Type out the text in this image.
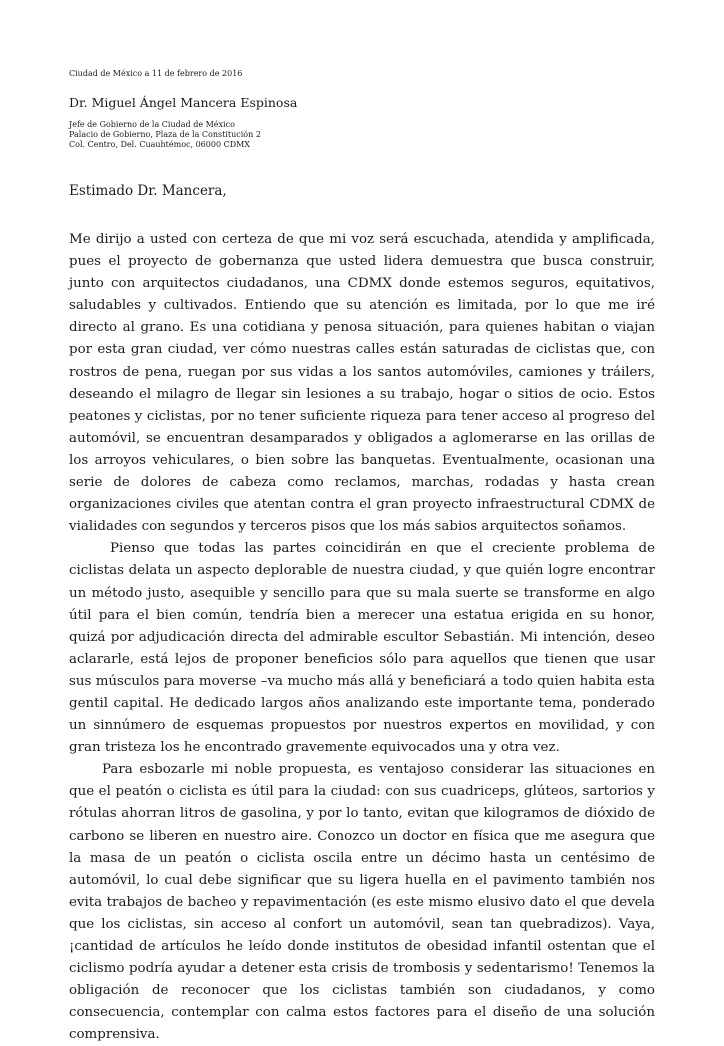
Ciudad de México a 11 de febrero de 2016
Dr. Miguel Ángel Mancera Espinosa
Jefe de Gobierno de la Ciudad de México
Palacio de Gobierno, Plaza de la Constitución 2
Col. Centro, Del. Cuauhtémoc, 06000 CDMX
Estimado Dr. Mancera,

Me dirijo a usted con certeza de que mi voz será escuchada, atendida y amplificada, pues el proyecto de gobernanza que usted lidera demuestra que busca construir, junto con arquitectos ciudadanos, una CDMX donde estemos seguros, equitativos, saludables y cultivados. Entiendo que su atención es limitada, por lo que me iré directo al grano. Es una cotidiana y penosa situación, para quienes habitan o viajan por esta gran ciudad, ver cómo nuestras calles están saturadas de ciclistas que, con rostros de pena, ruegan por sus vidas a los santos automóviles, camiones y tráilers, deseando el milagro de llegar sin lesiones a su trabajo, hogar o sitios de ocio. Estos peatones y ciclistas, por no tener suficiente riqueza para tener acceso al progreso del automóvil, se encuentran desamparados y obligados a aglomerarse en las orillas de los arroyos vehiculares, o bien sobre las banquetas. Eventualmente, ocasionan una serie de dolores de cabeza como reclamos, marchas, rodadas y hasta crean organizaciones civiles que atentan contra el gran proyecto infraestructural CDMX de vialidades con segundos y terceros pisos que los más sabios arquitectos soñamos.

Pienso que todas las partes coincidirán en que el creciente problema de ciclistas delata un aspecto deplorable de nuestra ciudad, y que quién logre encontrar un método justo, asequible y sencillo para que su mala suerte se transforme en algo útil para el bien común, tendría bien a merecer una estatua erigida en su honor, quizá por adjudicación directa del admirable escultor Sebastián. Mi intención, deseo aclararle, está lejos de proponer beneficios sólo para aquellos que tienen que usar sus músculos para moverse –va mucho más allá y beneficiará a todo quien habita esta gentil capital. He dedicado largos años analizando este importante tema, ponderado un sinnúmero de esquemas propuestos por nuestros expertos en movilidad, y con gran tristeza los he encontrado gravemente equivocados una y otra vez.

Para esbozarle mi noble propuesta, es ventajoso considerar las situaciones en que el peatón o ciclista es útil para la ciudad: con sus cuadriceps, glúteos, sartorios y rótulas ahorran litros de gasolina, y por lo tanto, evitan que kilogramos de dióxido de carbono se liberen en nuestro aire. Conozco un doctor en física que me asegura que la masa de un peatón o ciclista oscila entre un décimo hasta un centésimo de automóvil, lo cual debe significar que su ligera huella en el pavimento también nos evita trabajos de bacheo y repavimentación (es este mismo elusivo dato el que devela que los ciclistas, sin acceso al confort un automóvil, sean tan quebradizos). Vaya, ¡cantidad de artículos he leído donde institutos de obesidad infantil ostentan que el ciclismo podría ayudar a detener esta crisis de trombosis y sedentarismo! Tenemos la obligación de reconocer que los ciclistas también son ciudadanos, y como consecuencia, contemplar con calma estos factores para el diseño de una solución comprensiva.
